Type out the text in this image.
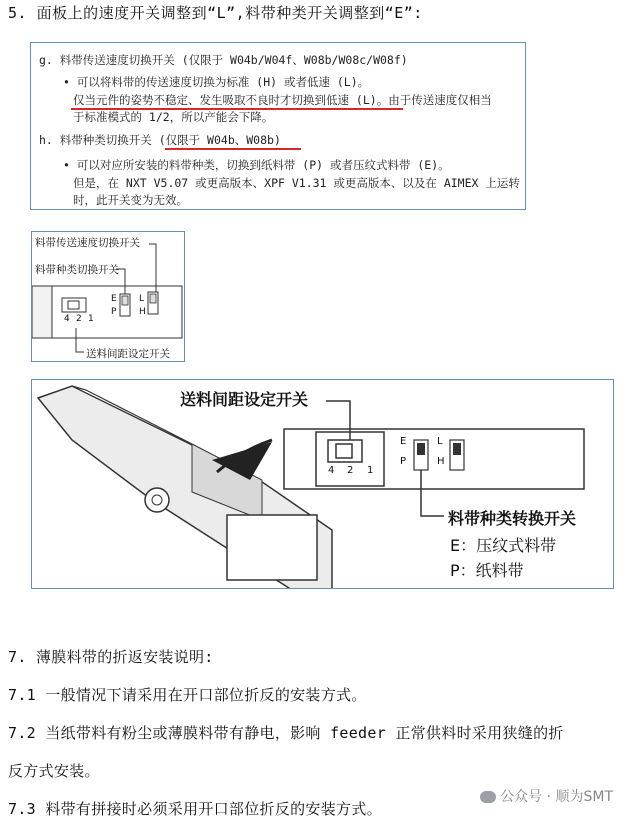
5. 面板上的速度开关调整到“L”,料带种类开关调整到“E”:
g. 料带传送速度切换开关 (仅限于 W04b/W04f、W08b/W08c/W08f)
• 可以将料带的传送速度切换为标准 (H) 或者低速 (L)。
仅当元件的姿势不稳定、发生吸取不良时才切换到低速 (L)。由于传送速度仅相当
于标准模式的 1/2，所以产能会下降。
h. 料带种类切换开关 (仅限于 W04b、W08b)
• 可以对应所安装的料带种类，切换到纸料带 (P) 或者压纹式料带 (E)。
但是，在 NXT V5.07 或更高版本、XPF V1.31 或更高版本、以及在 AIMEX 上运转
时，此开关变为无效。
料带传送速度切换开关
料带种类切换开关
送料间距设定开关
E
P
L
H
1
2
4
送料间距设定开关
料带种类转换开关
E：压纹式料带
P：纸料带
E
P
L
H
1
2
4
7. 薄膜料带的折返安装说明:
7.1 一般情况下请采用在开口部位折反的安装方式。
7.2 当纸带料有粉尘或薄膜料带有静电，影响 feeder 正常供料时采用狭缝的折
反方式安装。
7.3 料带有拼接时必须采用开口部位折反的安装方式。
公众号 · 顺为SMT
